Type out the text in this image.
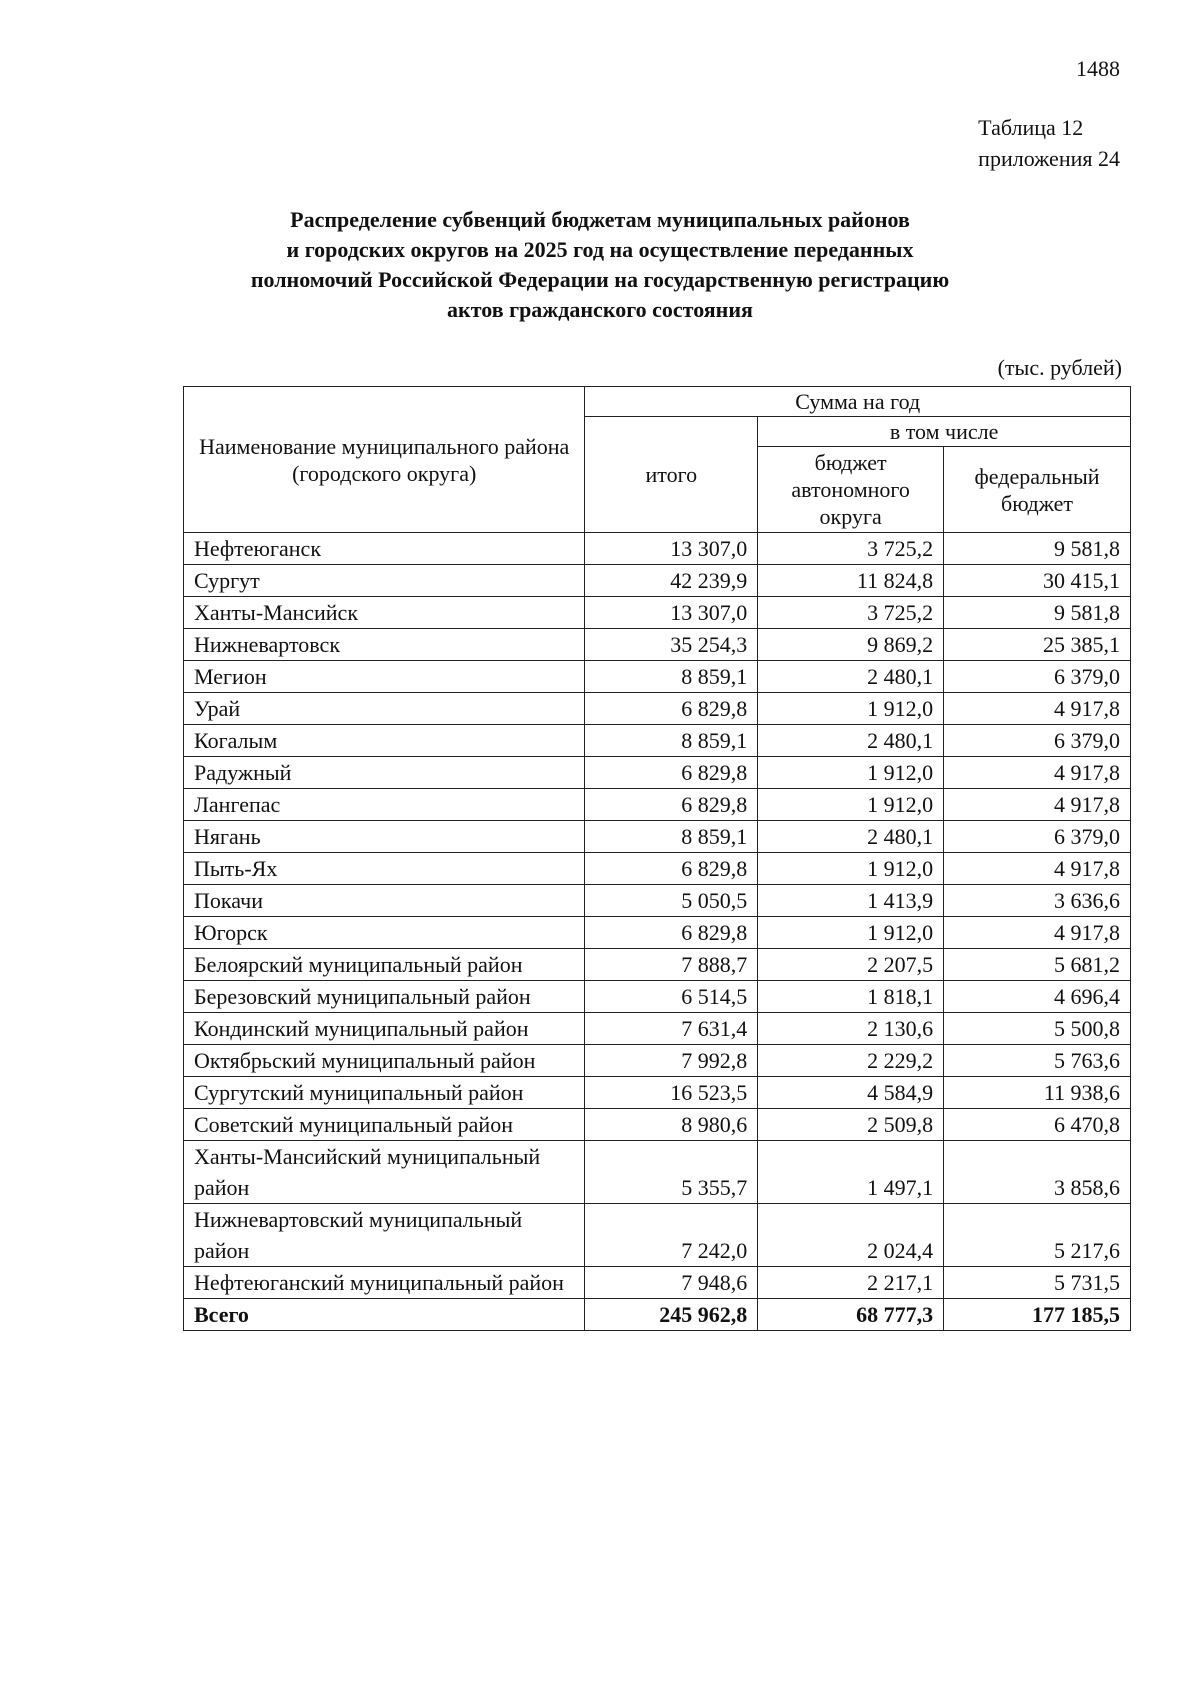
1488
Таблица 12
приложения 24
Распределение субвенций бюджетам муниципальных районов
и городских округов на 2025 год на осуществление переданных
полномочий Российской Федерации на государственную регистрацию
актов гражданского состояния
(тыс. рублей)
Наименование муниципального района (городского округа)	Сумма на год		
	итого	в том числе	
		бюджет автономного округа	федеральный бюджет
Нефтеюганск	13 307,0	3 725,2	9 581,8
Сургут	42 239,9	11 824,8	30 415,1
Ханты-Мансийск	13 307,0	3 725,2	9 581,8
Нижневартовск	35 254,3	9 869,2	25 385,1
Мегион	8 859,1	2 480,1	6 379,0
Урай	6 829,8	1 912,0	4 917,8
Когалым	8 859,1	2 480,1	6 379,0
Радужный	6 829,8	1 912,0	4 917,8
Лангепас	6 829,8	1 912,0	4 917,8
Нягань	8 859,1	2 480,1	6 379,0
Пыть-Ях	6 829,8	1 912,0	4 917,8
Покачи	5 050,5	1 413,9	3 636,6
Югорск	6 829,8	1 912,0	4 917,8
Белоярский муниципальный район	7 888,7	2 207,5	5 681,2
Березовский муниципальный район	6 514,5	1 818,1	4 696,4
Кондинский муниципальный район	7 631,4	2 130,6	5 500,8
Октябрьский муниципальный район	7 992,8	2 229,2	5 763,6
Сургутский муниципальный район	16 523,5	4 584,9	11 938,6
Советский муниципальный район	8 980,6	2 509,8	6 470,8
Ханты-Мансийский муниципальный район	5 355,7	1 497,1	3 858,6
Нижневартовский муниципальный район	7 242,0	2 024,4	5 217,6
Нефтеюганский муниципальный район	7 948,6	2 217,1	5 731,5
Всего	245 962,8	68 777,3	177 185,5
